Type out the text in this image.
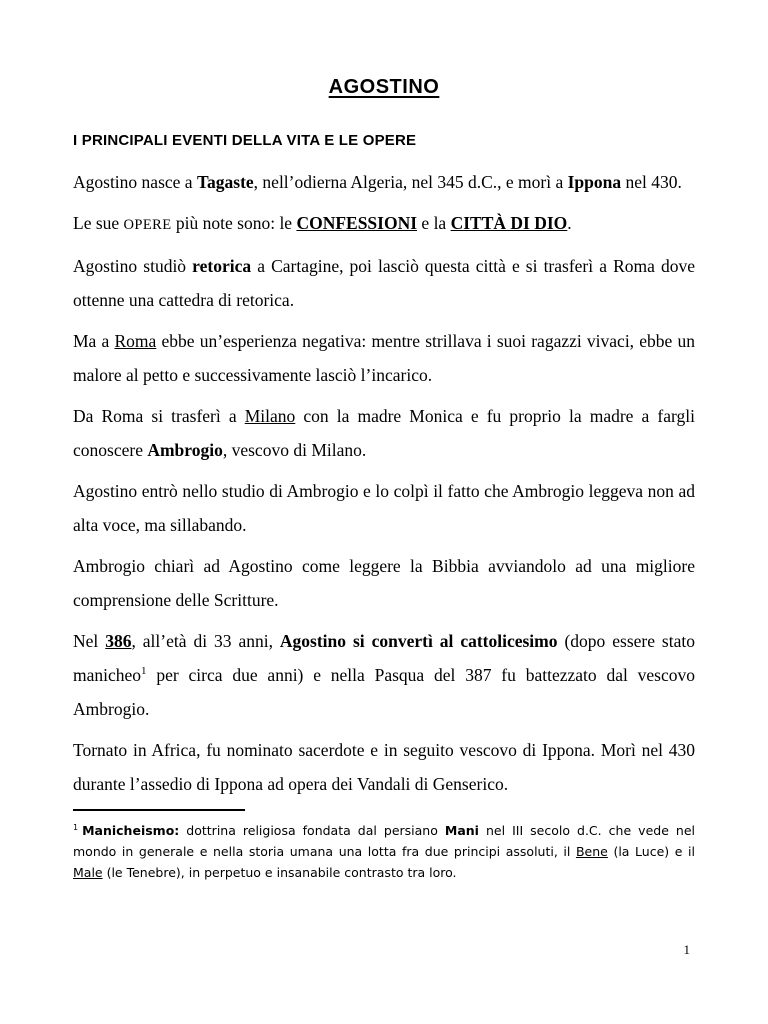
AGOSTINO
I PRINCIPALI EVENTI DELLA VITA E LE OPERE

Agostino nasce a Tagaste, nell’odierna Algeria, nel 345 d.C., e morì a Ippona nel 430.

Le sue OPERE più note sono: le CONFESSIONI e la CITTÀ DI DIO.

Agostino studiò retorica a Cartagine, poi lasciò questa città e si trasferì a Roma dove ottenne una cattedra di retorica.

Ma a Roma ebbe un’esperienza negativa: mentre strillava i suoi ragazzi vivaci, ebbe un malore al petto e successivamente lasciò l’incarico.

Da Roma si trasferì a Milano con la madre Monica e fu proprio la madre a fargli conoscere Ambrogio, vescovo di Milano.

Agostino entrò nello studio di Ambrogio e lo colpì il fatto che Ambrogio leggeva non ad alta voce, ma sillabando.

Ambrogio chiarì ad Agostino come leggere la Bibbia avviandolo ad una migliore comprensione delle Scritture.

Nel 386, all’età di 33 anni, Agostino si convertì al cattolicesimo (dopo essere stato manicheo$^1$ per circa due anni) e nella Pasqua del 387 fu battezzato dal vescovo Ambrogio.

Tornato in Africa, fu nominato sacerdote e in seguito vescovo di Ippona. Morì nel 430 durante l’assedio di Ippona ad opera dei Vandali di Genserico.

$^1$ Manicheismo: dottrina religiosa fondata dal persiano Mani nel III secolo d.C. che vede nel mondo in generale e nella storia umana una lotta fra due principi assoluti, il Bene (la Luce) e il Male (le Tenebre), in perpetuo e insanabile contrasto tra loro.
1
